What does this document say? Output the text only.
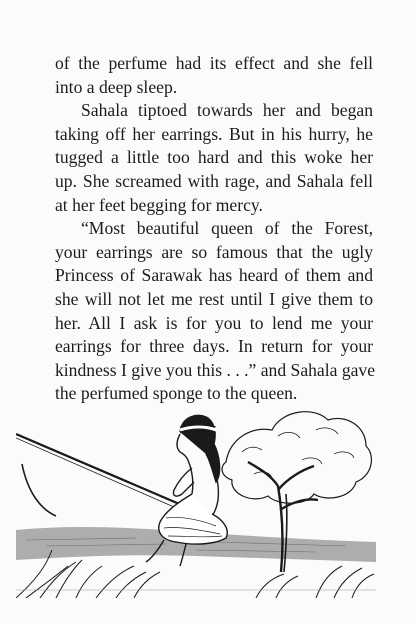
of the perfume had its effect and she fell
into a deep sleep.
Sahala tiptoed towards her and began
taking off her earrings. But in his hurry, he
tugged a little too hard and this woke her
up. She screamed with rage, and Sahala fell
at her feet begging for mercy.
“Most beautiful queen of the Forest,
your earrings are so famous that the ugly
Princess of Sarawak has heard of them and
she will not let me rest until I give them to
her. All I ask is for you to lend me your
earrings for three days. In return for your
kindness I give you this . . .” and Sahala gave
the perfumed sponge to the queen.
